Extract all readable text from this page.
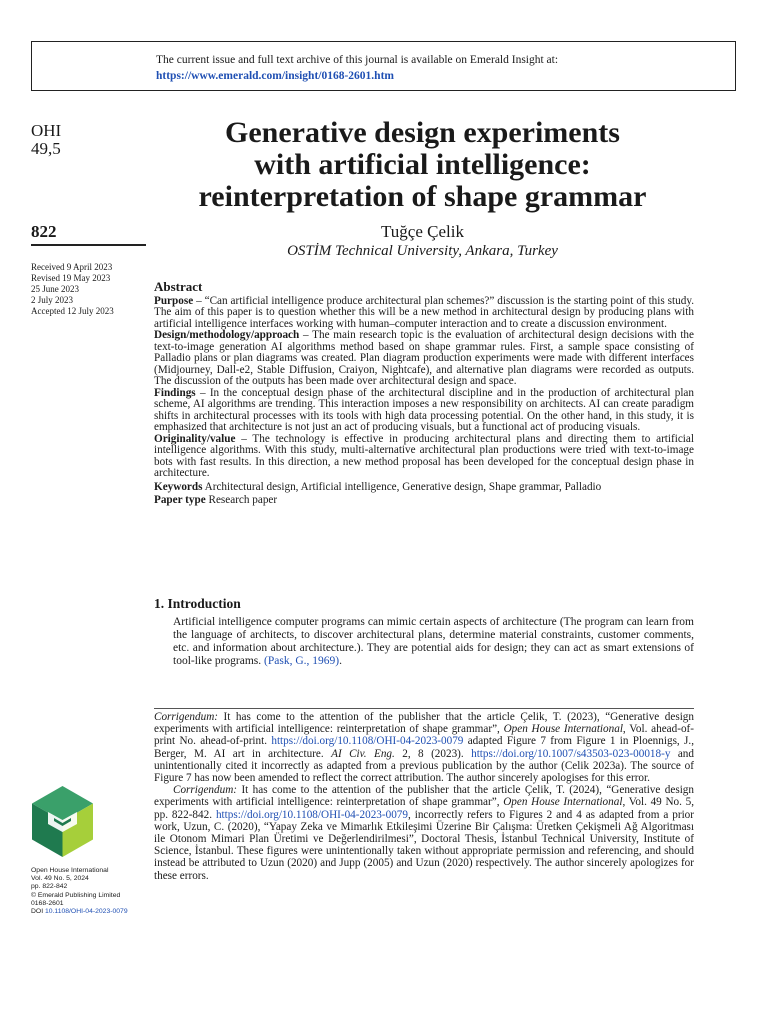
The current issue and full text archive of this journal is available on Emerald Insight at:
https://www.emerald.com/insight/0168-2601.htm
OHI
49,5
822
Received 9 April 2023
Revised 19 May 2023
25 June 2023
2 July 2023
Accepted 12 July 2023
Generative design experiments
with artificial intelligence:
reinterpretation of shape grammar
Tuğçe Çelik
OSTİM Technical University, Ankara, Turkey
Abstract

Purpose – “Can artificial intelligence produce architectural plan schemes?” discussion is the starting point of this study. The aim of this paper is to question whether this will be a new method in architectural design by producing plans with artificial intelligence interfaces working with human–computer interaction and to create a discussion environment.

Design/methodology/approach – The main research topic is the evaluation of architectural design decisions with the text-to-image generation AI algorithms method based on shape grammar rules. First, a sample space consisting of Palladio plans or plan diagrams was created. Plan diagram production experiments were made with different interfaces (Midjourney, Dall-e2, Stable Diffusion, Craiyon, Nightcafe), and alternative plan diagrams were recorded as outputs. The discussion of the outputs has been made over architectural design and space.

Findings – In the conceptual design phase of the architectural discipline and in the production of architectural plan scheme, AI algorithms are trending. This interaction imposes a new responsibility on architects. AI can create paradigm shifts in architectural processes with its tools with high data processing potential. On the other hand, in this study, it is emphasized that architecture is not just an act of producing visuals, but a functional act of producing visuals.

Originality/value – The technology is effective in producing architectural plans and directing them to artificial intelligence algorithms. With this study, multi-alternative architectural plan productions were tried with text-to-image bots with fast results. In this direction, a new method proposal has been developed for the conceptual design phase in architecture.

Keywords Architectural design, Artificial intelligence, Generative design, Shape grammar, Palladio

Paper type Research paper

1. Introduction

Artificial intelligence computer programs can mimic certain aspects of architecture (The program can learn from the language of architects, to discover architectural plans, determine material constraints, customer comments, etc. and information about architecture.). They are potential aids for design; they can act as smart extensions of tool-like programs. (Pask, G., 1969).

Corrigendum: It has come to the attention of the publisher that the article Çelik, T. (2023), “Generative design experiments with artificial intelligence: reinterpretation of shape grammar”, Open House International, Vol. ahead-of-print No. ahead-of-print. https://doi.org/10.1108/OHI-04-2023-0079 adapted Figure 7 from Figure 1 in Ploennigs, J., Berger, M. AI art in architecture. AI Civ. Eng. 2, 8 (2023). https://doi.org/10.1007/s43503-023-00018-y and unintentionally cited it incorrectly as adapted from a previous publication by the author (Celik 2023a). The source of Figure 7 has now been amended to reflect the correct attribution. The author sincerely apologises for this error.

Corrigendum: It has come to the attention of the publisher that the article Çelik, T. (2024), “Generative design experiments with artificial intelligence: reinterpretation of shape grammar”, Open House International, Vol. 49 No. 5, pp. 822-842. https://doi.org/10.1108/OHI-04-2023-0079, incorrectly refers to Figures 2 and 4 as adapted from a prior work, Uzun, C. (2020), “Yapay Zeka ve Mimarlık Etkileşimi Üzerine Bir Çalışma: Üretken Çekişmeli Ağ Algoritması ile Otonom Mimari Plan Üretimi ve Değerlendirilmesi”, Doctoral Thesis, İstanbul Technical University, Institute of Science, İstanbul. These figures were unintentionally taken without appropriate permission and referencing, and should instead be attributed to Uzun (2020) and Jupp (2005) and Uzun (2020) respectively. The author sincerely apologizes for these errors.

Open House International
Vol. 49 No. 5, 2024
pp. 822-842
© Emerald Publishing Limited
0168-2601
DOI 10.1108/OHI-04-2023-0079
